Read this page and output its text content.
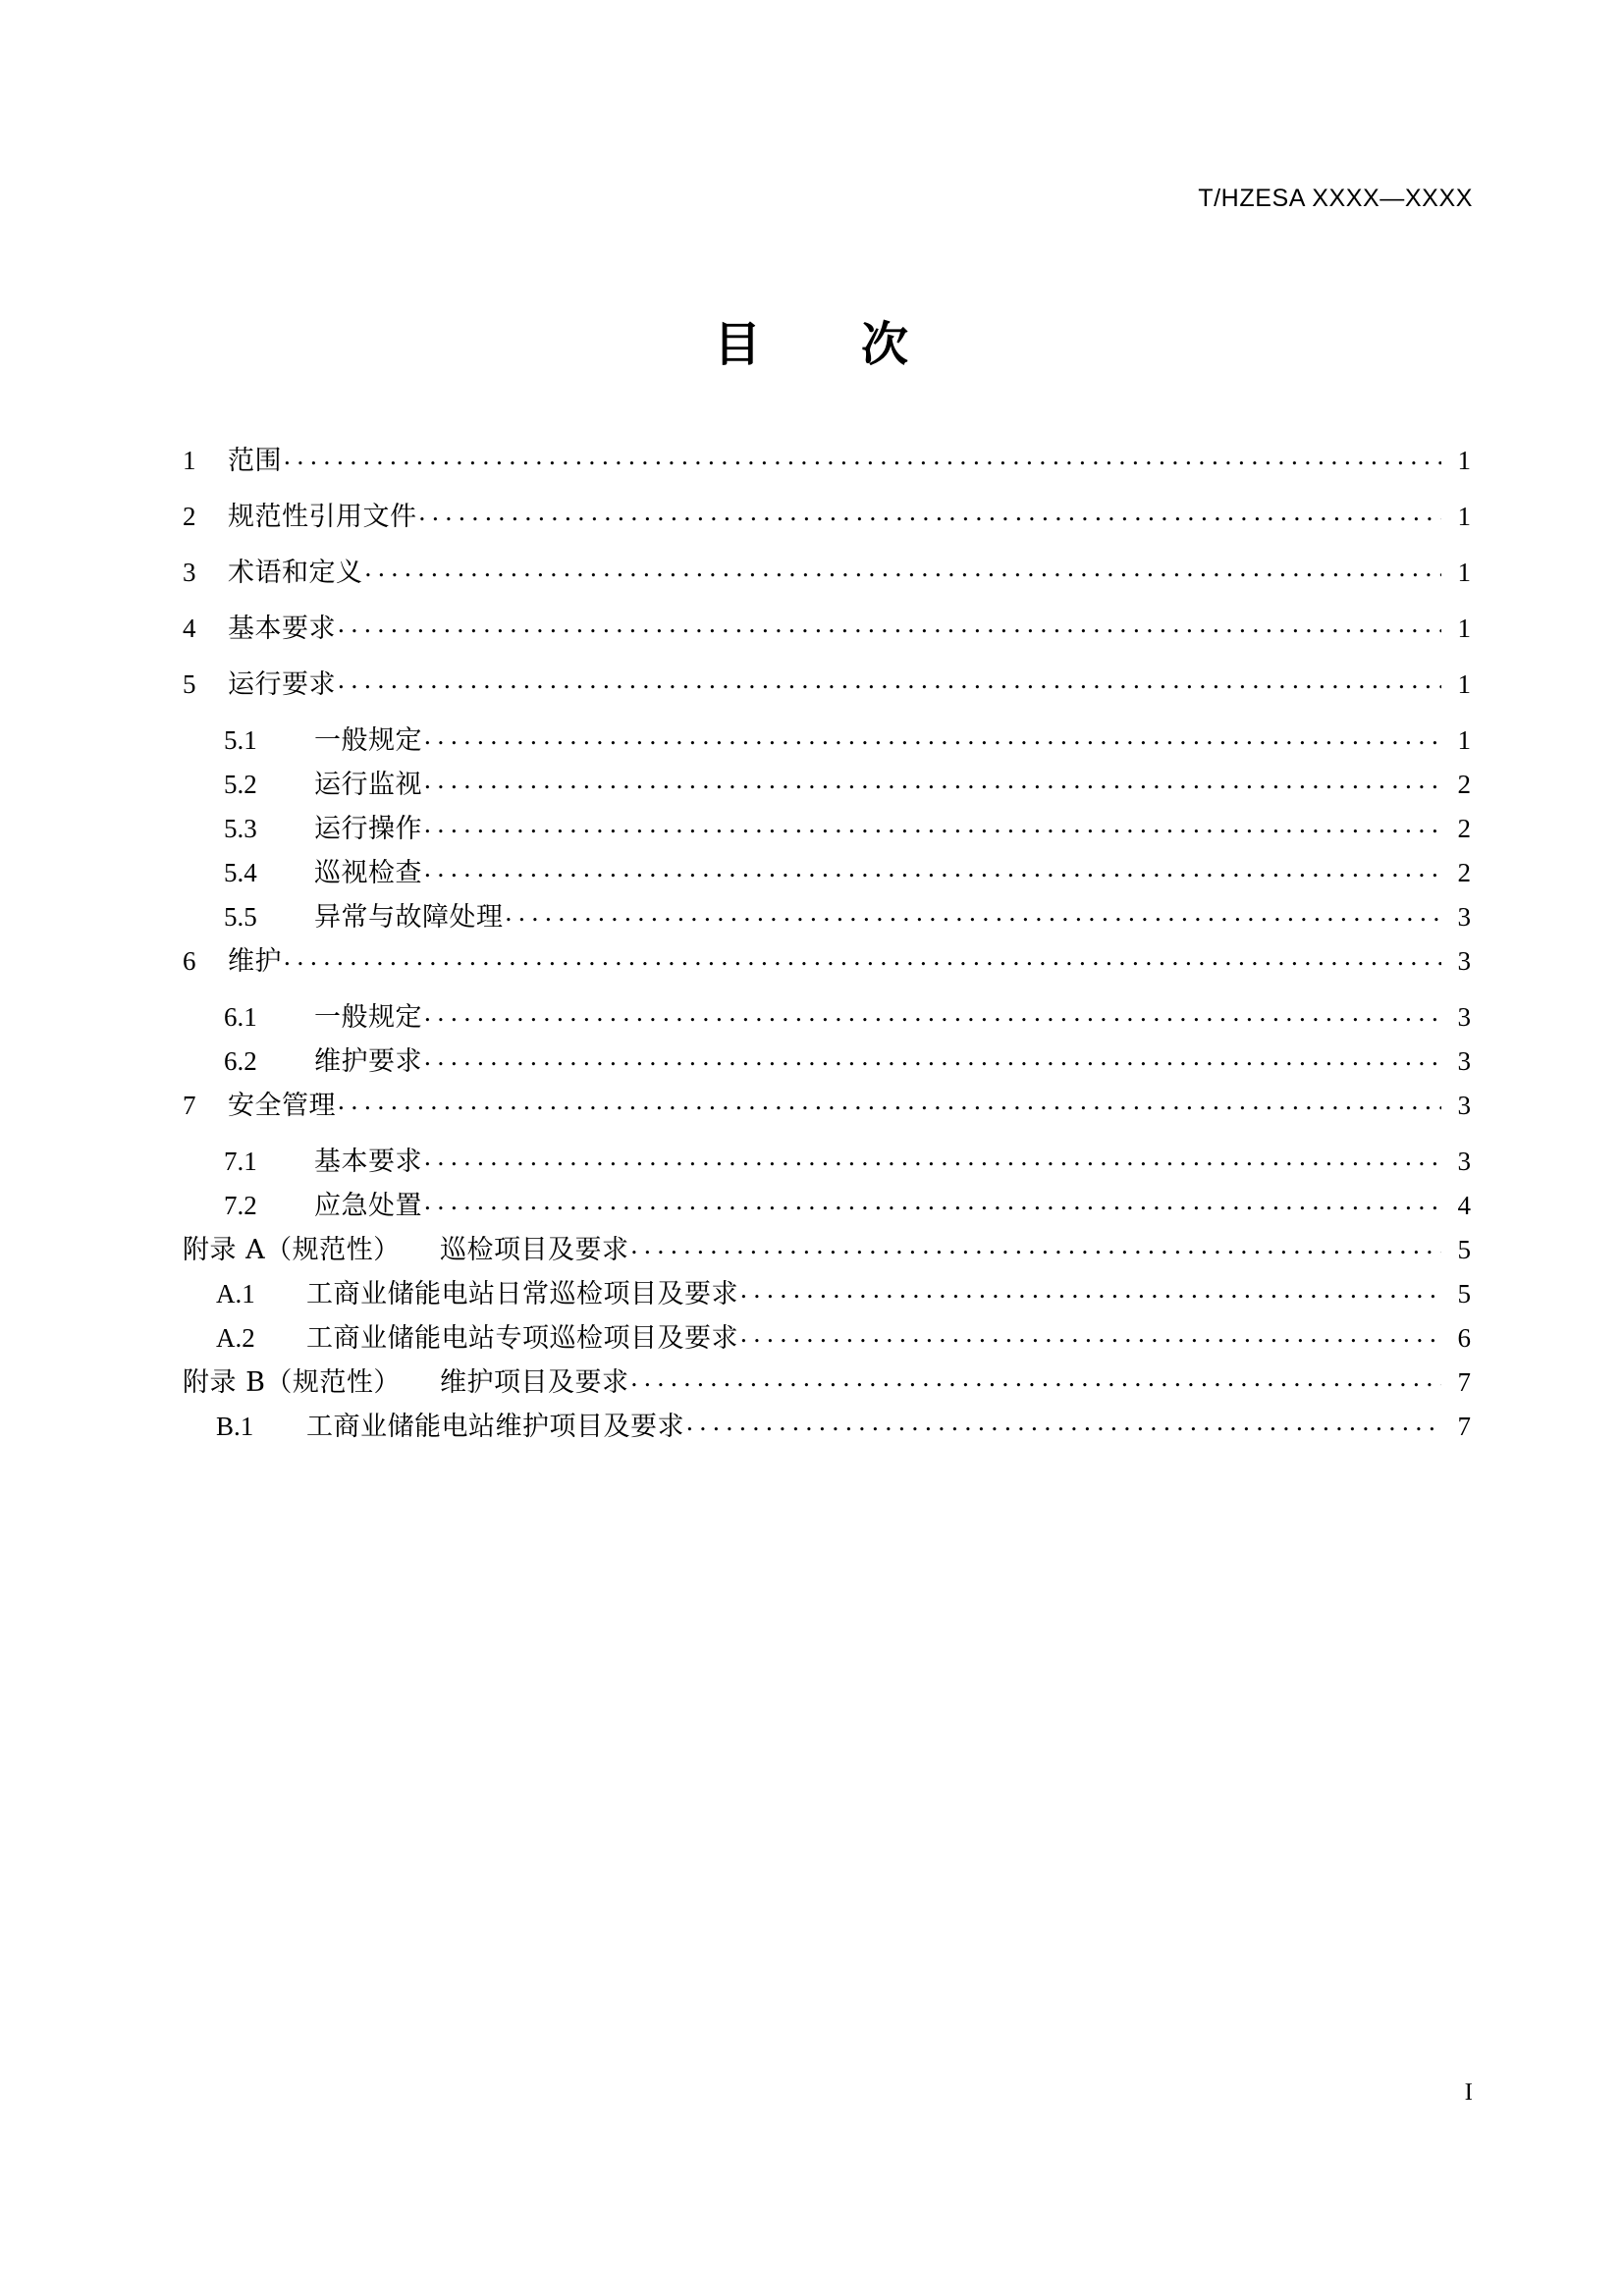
T/HZESA XXXX—XXXX
目　　次
1	范围 . . .	1
2	规范性引用文件 . . .	1
3	术语和定义 . . .	1
4	基本要求 . . .	1
5	运行要求 . . .	1
5.1	一般规定 . . .	1
5.2	运行监视 . . .	2
5.3	运行操作 . . .	2
5.4	巡视检查 . . .	2
5.5	异常与故障处理 . . .	3
6	维护 . . .	3
6.1	一般规定 . . .	3
6.2	维护要求 . . .	3
7	安全管理 . . .	3
7.1	基本要求 . . .	3
7.2	应急处置 . . .	4
附录 A（规范性）	巡检项目及要求 . . .	5
A.1	工商业储能电站日常巡检项目及要求 . . .	5
A.2	工商业储能电站专项巡检项目及要求 . . .	6
附录 B（规范性）	维护项目及要求 . . .	7
B.1	工商业储能电站维护项目及要求 . . .	7
I
